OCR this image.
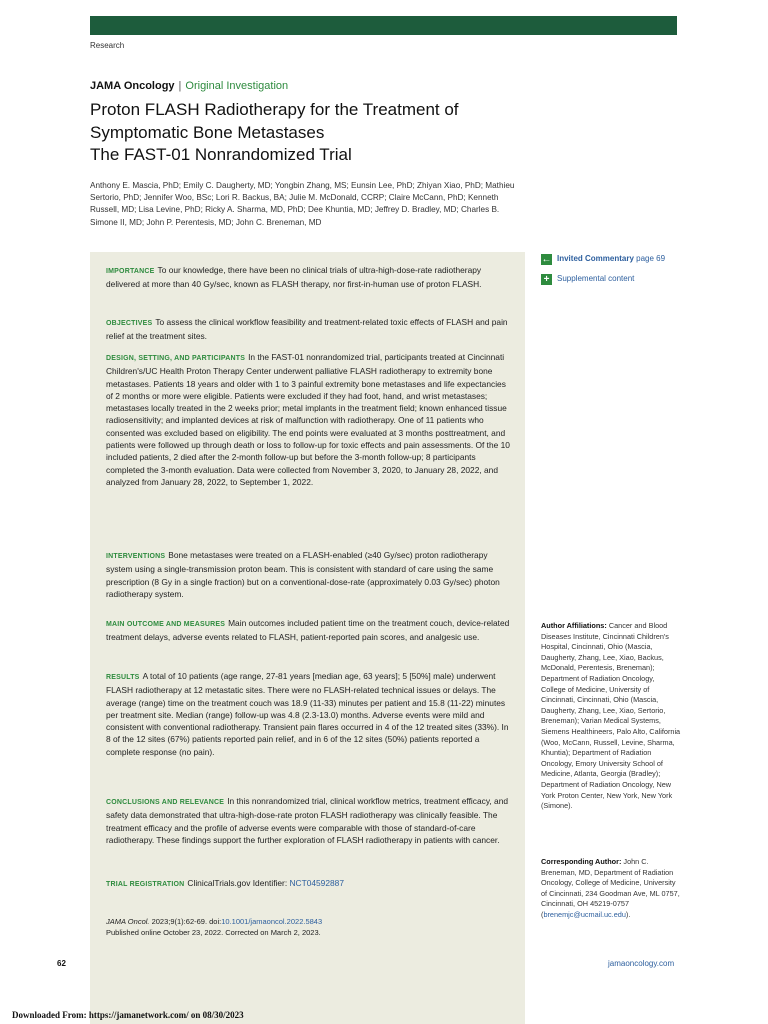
Research
JAMA Oncology | Original Investigation
Proton FLASH Radiotherapy for the Treatment of Symptomatic Bone Metastases
The FAST-01 Nonrandomized Trial
Anthony E. Mascia, PhD; Emily C. Daugherty, MD; Yongbin Zhang, MS; Eunsin Lee, PhD; Zhiyan Xiao, PhD; Mathieu Sertorio, PhD; Jennifer Woo, BSc; Lori R. Backus, BA; Julie M. McDonald, CCRP; Claire McCann, PhD; Kenneth Russell, MD; Lisa Levine, PhD; Ricky A. Sharma, MD, PhD; Dee Khuntia, MD; Jeffrey D. Bradley, MD; Charles B. Simone II, MD; John P. Perentesis, MD; John C. Breneman, MD

IMPORTANCE To our knowledge, there have been no clinical trials of ultra-high-dose-rate radiotherapy delivered at more than 40 Gy/sec, known as FLASH therapy, nor first-in-human use of proton FLASH.

OBJECTIVES To assess the clinical workflow feasibility and treatment-related toxic effects of FLASH and pain relief at the treatment sites.

DESIGN, SETTING, AND PARTICIPANTS In the FAST-01 nonrandomized trial, participants treated at Cincinnati Children's/UC Health Proton Therapy Center underwent palliative FLASH radiotherapy to extremity bone metastases. Patients 18 years and older with 1 to 3 painful extremity bone metastases and life expectancies of 2 months or more were eligible. Patients were excluded if they had foot, hand, and wrist metastases; metastases locally treated in the 2 weeks prior; metal implants in the treatment field; known enhanced tissue radiosensitivity; and implanted devices at risk of malfunction with radiotherapy. One of 11 patients who consented was excluded based on eligibility. The end points were evaluated at 3 months posttreatment, and patients were followed up through death or loss to follow-up for toxic effects and pain assessments. Of the 10 included patients, 2 died after the 2-month follow-up but before the 3-month follow-up; 8 participants completed the 3-month evaluation. Data were collected from November 3, 2020, to January 28, 2022, and analyzed from January 28, 2022, to September 1, 2022.

INTERVENTIONS Bone metastases were treated on a FLASH-enabled (≥40 Gy/sec) proton radiotherapy system using a single-transmission proton beam. This is consistent with standard of care using the same prescription (8 Gy in a single fraction) but on a conventional-dose-rate (approximately 0.03 Gy/sec) photon radiotherapy system.

MAIN OUTCOME AND MEASURES Main outcomes included patient time on the treatment couch, device-related treatment delays, adverse events related to FLASH, patient-reported pain scores, and analgesic use.

RESULTS A total of 10 patients (age range, 27-81 years [median age, 63 years]; 5 [50%] male) underwent FLASH radiotherapy at 12 metastatic sites. There were no FLASH-related technical issues or delays. The average (range) time on the treatment couch was 18.9 (11-33) minutes per patient and 15.8 (11-22) minutes per treatment site. Median (range) follow-up was 4.8 (2.3-13.0) months. Adverse events were mild and consistent with conventional radiotherapy. Transient pain flares occurred in 4 of the 12 treated sites (33%). In 8 of the 12 sites (67%) patients reported pain relief, and in 6 of the 12 sites (50%) patients reported a complete response (no pain).

CONCLUSIONS AND RELEVANCE In this nonrandomized trial, clinical workflow metrics, treatment efficacy, and safety data demonstrated that ultra-high-dose-rate proton FLASH radiotherapy was clinically feasible. The treatment efficacy and the profile of adverse events were comparable with those of standard-of-care radiotherapy. These findings support the further exploration of FLASH radiotherapy in patients with cancer.

TRIAL REGISTRATION ClinicalTrials.gov Identifier: NCT04592887

JAMA Oncol. 2023;9(1):62-69. doi:10.1001/jamaoncol.2022.5843
Published online October 23, 2022. Corrected on March 2, 2023.
← Invited Commentary page 69
+ Supplemental content

Author Affiliations: Cancer and Blood Diseases Institute, Cincinnati Children's Hospital, Cincinnati, Ohio (Mascia, Daugherty, Zhang, Lee, Xiao, Backus, McDonald, Perentesis, Breneman); Department of Radiation Oncology, College of Medicine, University of Cincinnati, Cincinnati, Ohio (Mascia, Daugherty, Zhang, Lee, Xiao, Sertorio, Breneman); Varian Medical Systems, Siemens Healthineers, Palo Alto, California (Woo, McCann, Russell, Levine, Sharma, Khuntia); Department of Radiation Oncology, Emory University School of Medicine, Atlanta, Georgia (Bradley); Department of Radiation Oncology, New York Proton Center, New York, New York (Simone).

Corresponding Author: John C. Breneman, MD, Department of Radiation Oncology, College of Medicine, University of Cincinnati, 234 Goodman Ave, ML 0757, Cincinnati, OH 45219-0757 (brenemjc@ucmail.uc.edu).

62	jamaoncology.com
Downloaded From: https://jamanetwork.com/ on 08/30/2023
